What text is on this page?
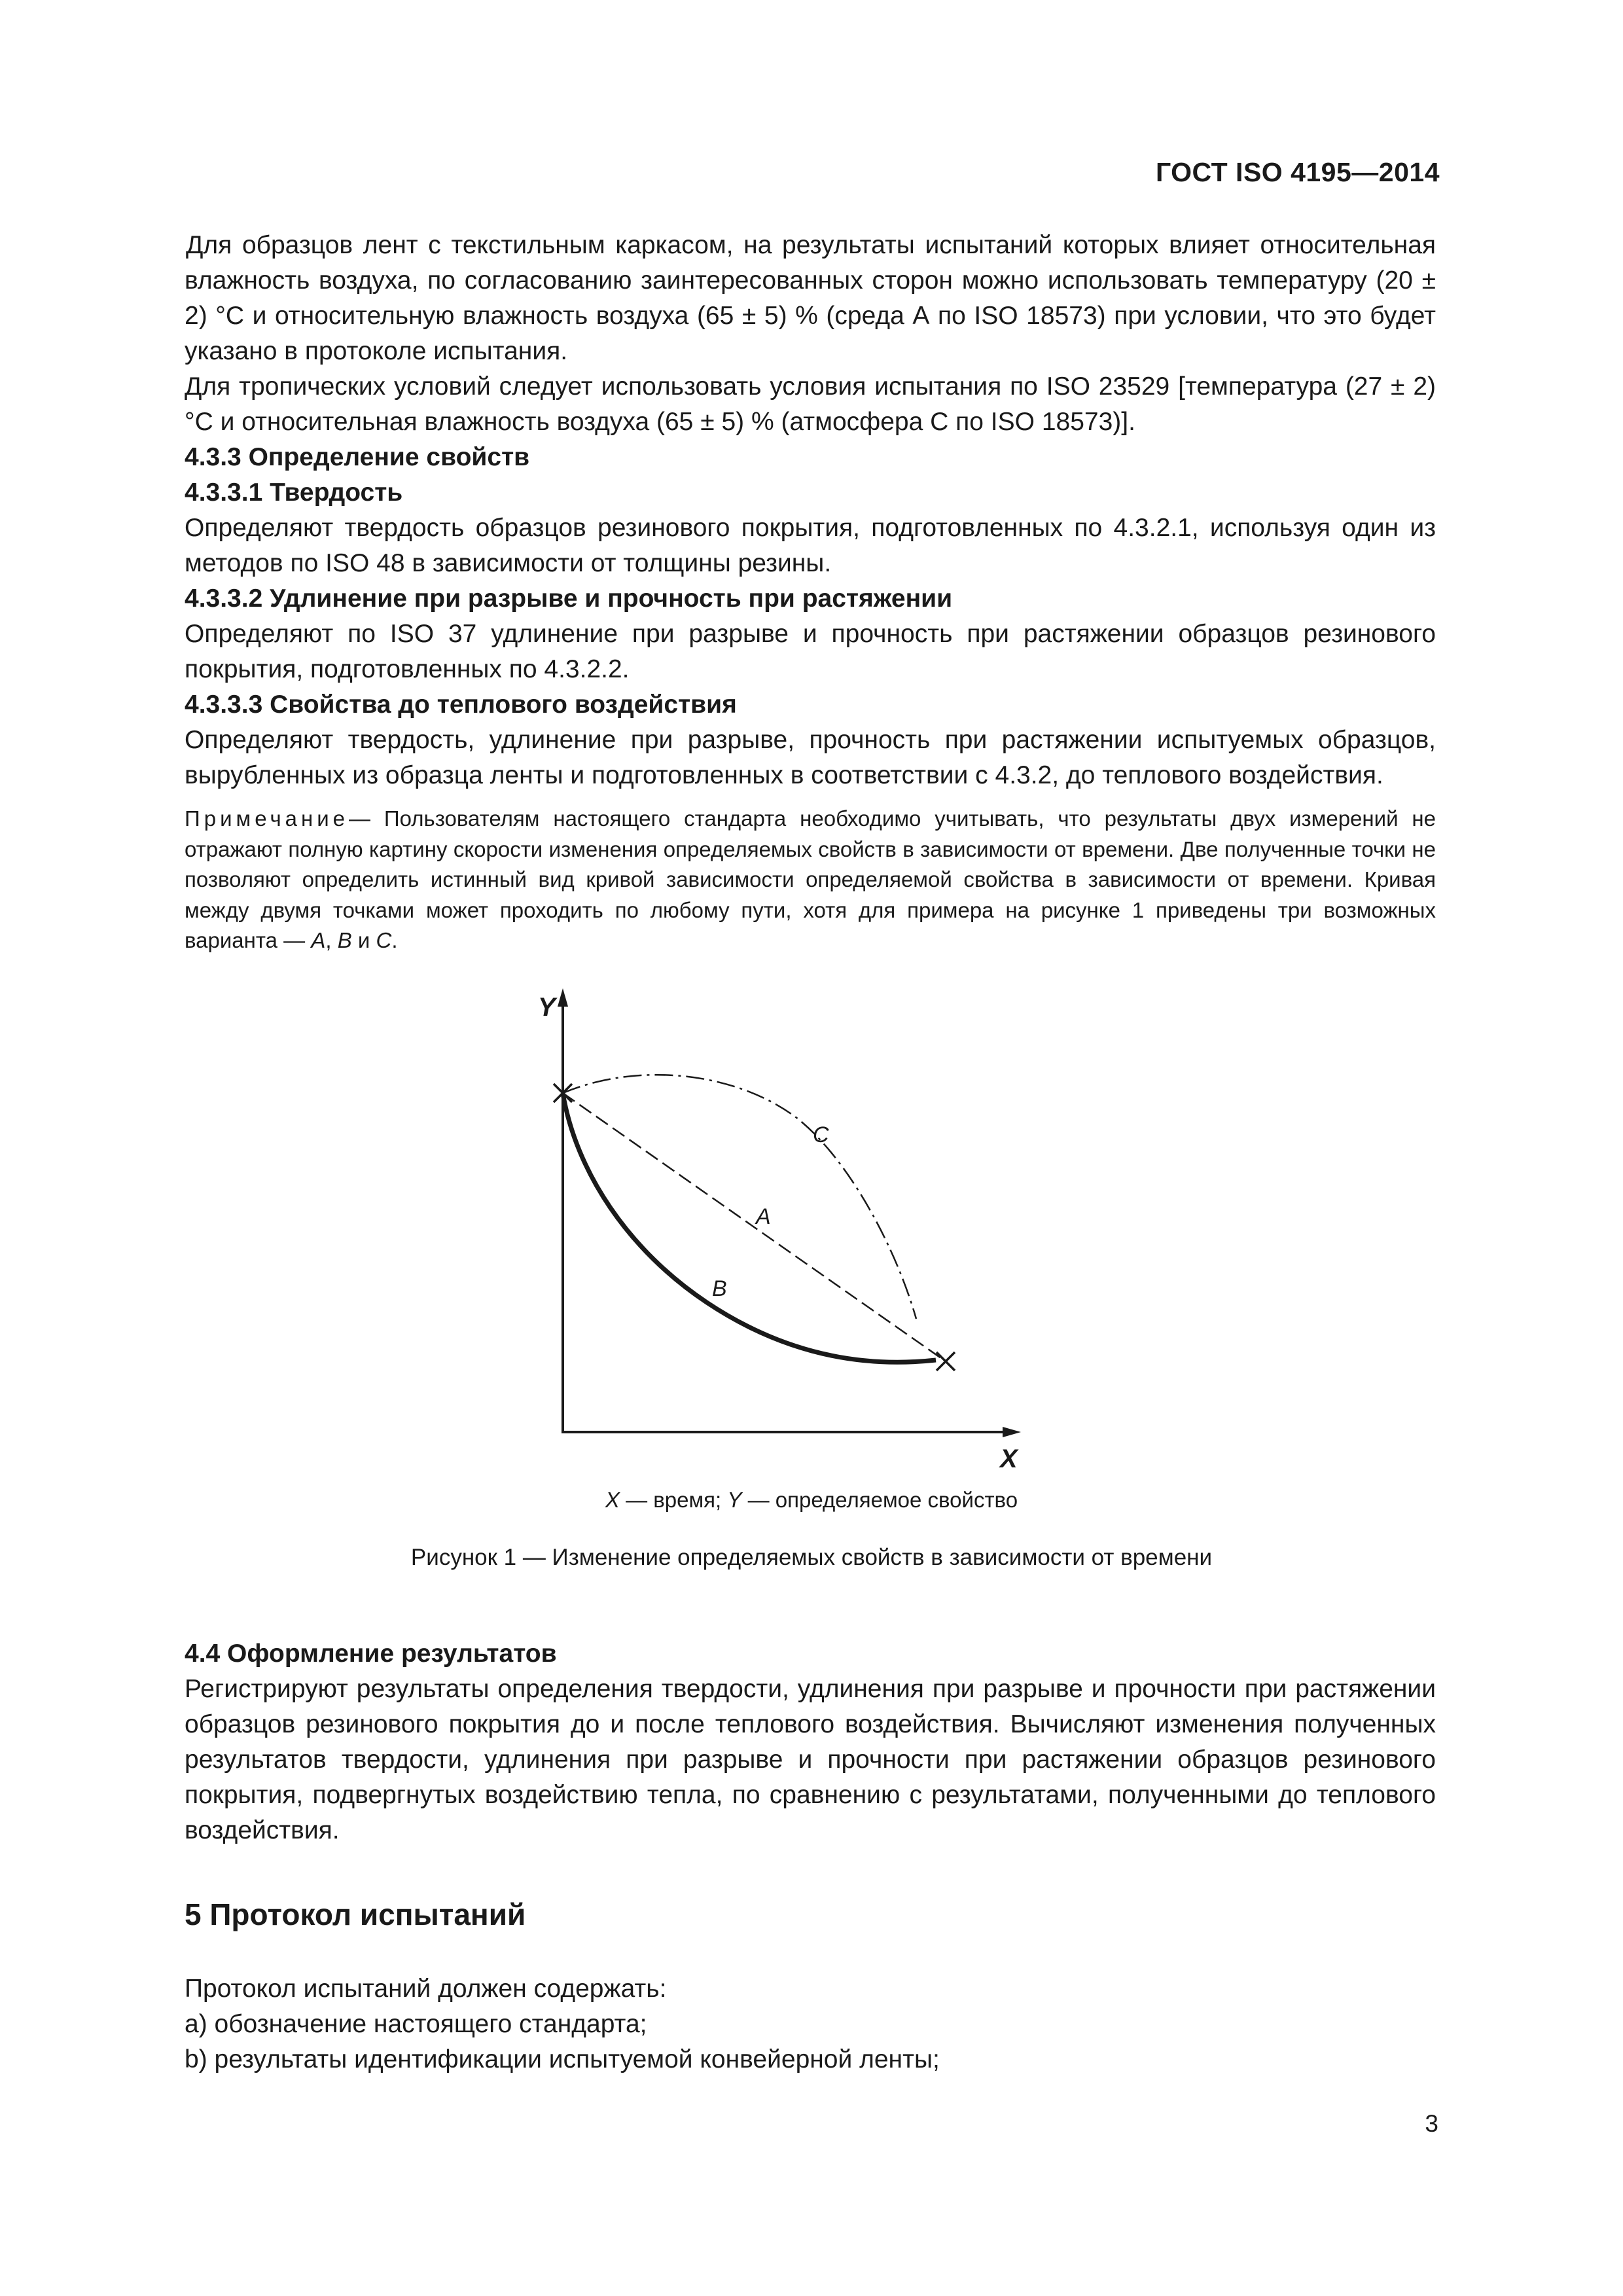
ГОСТ ISO 4195—2014

Для образцов лент с текстильным каркасом, на результаты испытаний которых влияет относительная влажность воздуха, по согласованию заинтересованных сторон можно использовать температуру (20 ± 2) °С и относительную влажность воздуха (65 ± 5) % (среда А по ISO 18573) при условии, что это будет указано в протоколе испытания.

Для тропических условий следует использовать условия испытания по ISO 23529 [температура (27 ± 2) °С и относительная влажность воздуха (65 ± 5) % (атмосфера С по ISO 18573)].

4.3.3 Определение свойств

4.3.3.1 Твердость

Определяют твердость образцов резинового покрытия, подготовленных по 4.3.2.1, используя один из методов по ISO 48 в зависимости от толщины резины.

4.3.3.2 Удлинение при разрыве и прочность при растяжении

Определяют по ISO 37 удлинение при разрыве и прочность при растяжении образцов резинового покрытия, подготовленных по 4.3.2.2.

4.3.3.3 Свойства до теплового воздействия

Определяют твердость, удлинение при разрыве, прочность при растяжении испытуемых образцов, вырубленных из образца ленты и подготовленных в соответствии с 4.3.2, до теплового воздействия.

Примечание— Пользователям настоящего стандарта необходимо учитывать, что результаты двух измерений не отражают полную картину скорости изменения определяемых свойств в зависимости от времени. Две полученные точки не позволяют определить истинный вид кривой зависимости определяемой свойства в зависимости от времени. Кривая между двумя точками может проходить по любому пути, хотя для примера на рисунке 1 приведены три возможных варианта — А, В и С.
Y
X
C
A
B
X — время; Y — определяемое свойство
Рисунок 1 — Изменение определяемых свойств в зависимости от времени

4.4 Оформление результатов

Регистрируют результаты определения твердости, удлинения при разрыве и прочности при растяжении образцов резинового покрытия до и после теплового воздействия. Вычисляют изменения полученных результатов твердости, удлинения при разрыве и прочности при растяжении образцов резинового покрытия, подвергнутых воздействию тепла, по сравнению с результатами, полученными до теплового воздействия.

5 Протокол испытаний

Протокол испытаний должен содержать:

a) обозначение настоящего стандарта;

b) результаты идентификации испытуемой конвейерной ленты;

3
